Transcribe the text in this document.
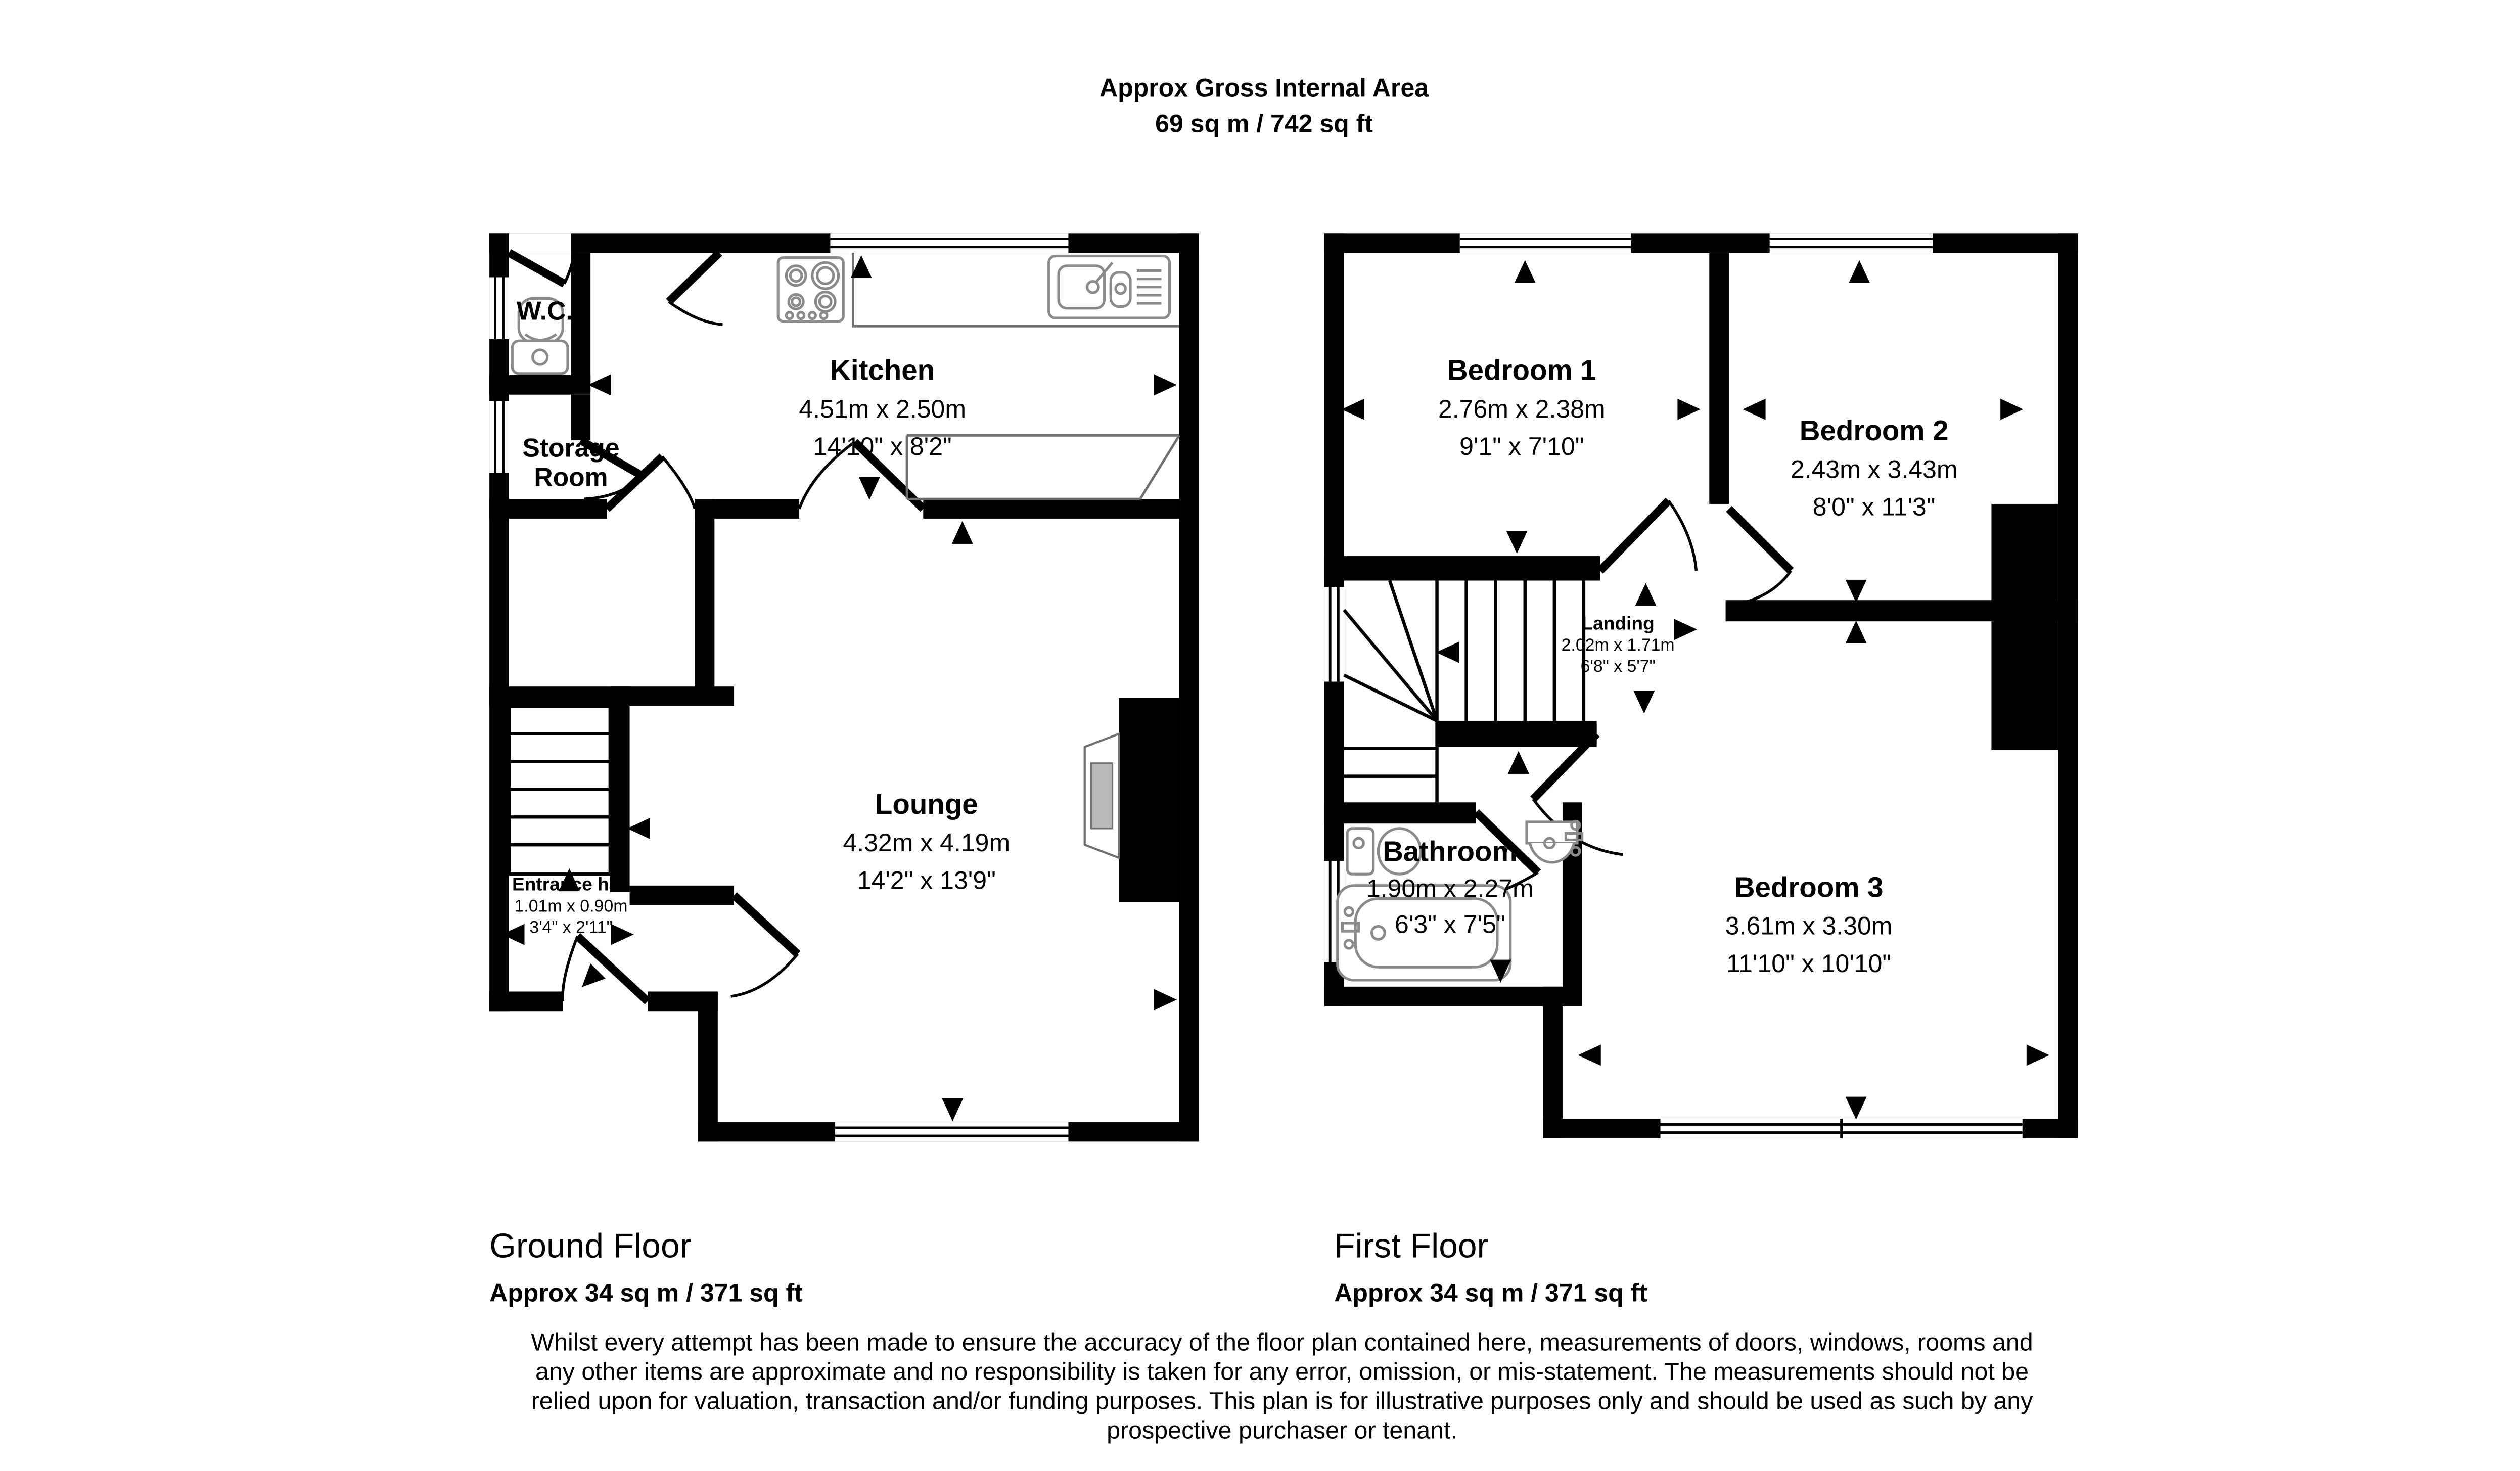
Approx Gross Internal Area
69 sq m / 742 sq ft
W.C.
Storage
Room
Kitchen
4.51m x 2.50m
14'10" x 8'2"
Lounge
4.32m x 4.19m
14'2" x 13'9"
Entrance hall
1.01m x 0.90m
3'4" x 2'11"
Bedroom 1
2.76m x 2.38m
9'1" x 7'10"
Bedroom 2
2.43m x 3.43m
8'0" x 11'3"
Landing
2.02m x 1.71m
6'8" x 5'7"
Bathroom
1.90m x 2.27m
6'3" x 7'5"
Bedroom 3
3.61m x 3.30m
11'10" x 10'10"
Ground Floor
Approx 34 sq m / 371 sq ft
First Floor
Approx 34 sq m / 371 sq ft
Whilst every attempt has been made to ensure the accuracy of the floor plan contained here, measurements of doors, windows, rooms and
any other items are approximate and no responsibility is taken for any error, omission, or mis-statement. The measurements should not be
relied upon for valuation, transaction and/or funding purposes. This plan is for illustrative purposes only and should be used as such by any
prospective purchaser or tenant.
